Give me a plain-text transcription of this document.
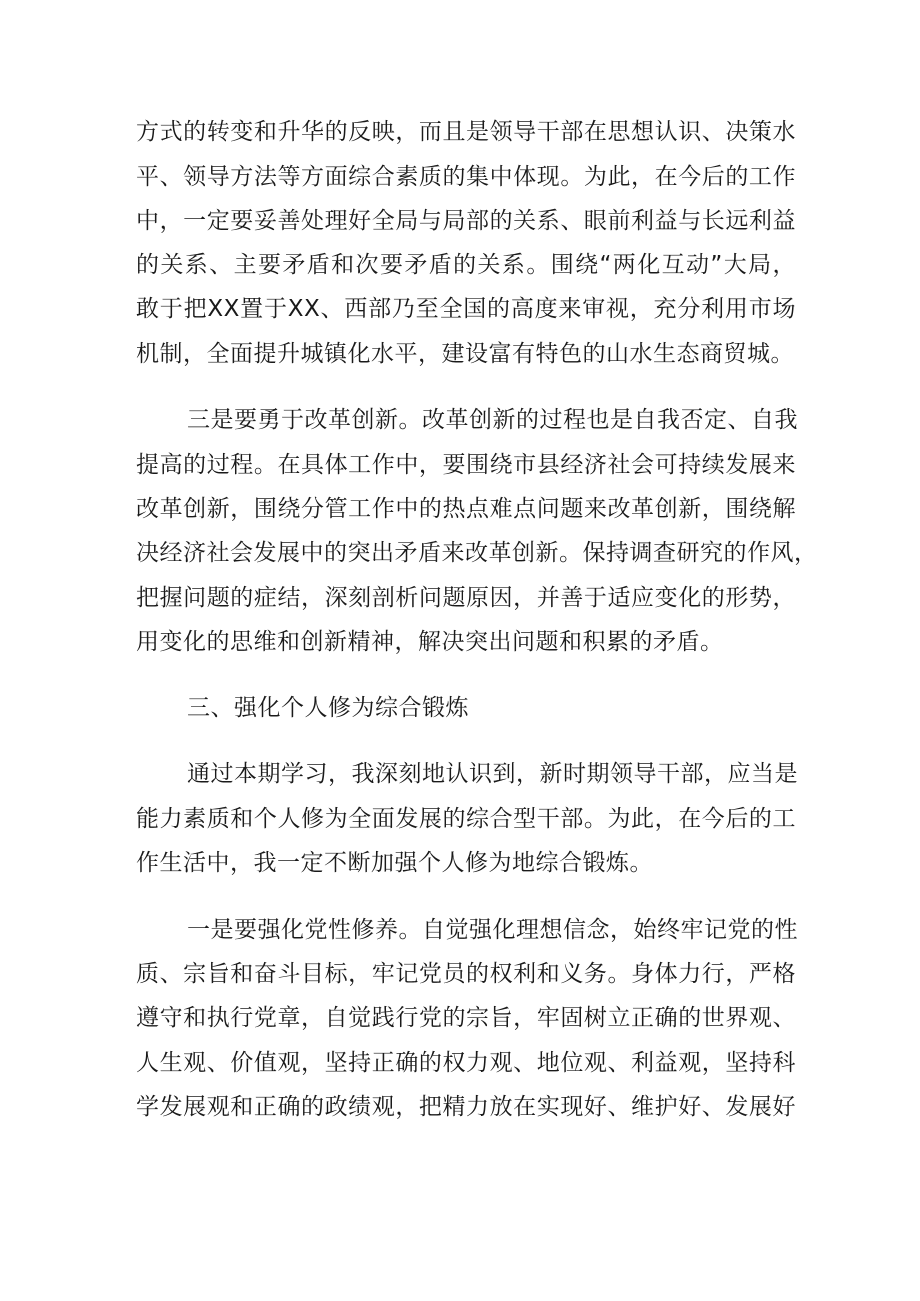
方式的转变和升华的反映，而且是领导干部在思想认识、决策水
平、领导方法等方面综合素质的集中体现。为此，在今后的工作
中，一定要妥善处理好全局与局部的关系、眼前利益与长远利益
的关系、主要矛盾和次要矛盾的关系。围绕“两化互动”大局，
敢于把XX置于XX、西部乃至全国的高度来审视，充分利用市场
机制，全面提升城镇化水平，建设富有特色的山水生态商贸城。
三是要勇于改革创新。改革创新的过程也是自我否定、自我
提高的过程。在具体工作中，要围绕市县经济社会可持续发展来
改革创新，围绕分管工作中的热点难点问题来改革创新，围绕解
决经济社会发展中的突出矛盾来改革创新。保持调查研究的作风，
把握问题的症结，深刻剖析问题原因，并善于适应变化的形势，
用变化的思维和创新精神，解决突出问题和积累的矛盾。
三、强化个人修为综合锻炼
通过本期学习，我深刻地认识到，新时期领导干部，应当是
能力素质和个人修为全面发展的综合型干部。为此，在今后的工
作生活中，我一定不断加强个人修为地综合锻炼。
一是要强化党性修养。自觉强化理想信念，始终牢记党的性
质、宗旨和奋斗目标，牢记党员的权利和义务。身体力行，严格
遵守和执行党章，自觉践行党的宗旨，牢固树立正确的世界观、
人生观、价值观，坚持正确的权力观、地位观、利益观，坚持科
学发展观和正确的政绩观，把精力放在实现好、维护好、发展好
